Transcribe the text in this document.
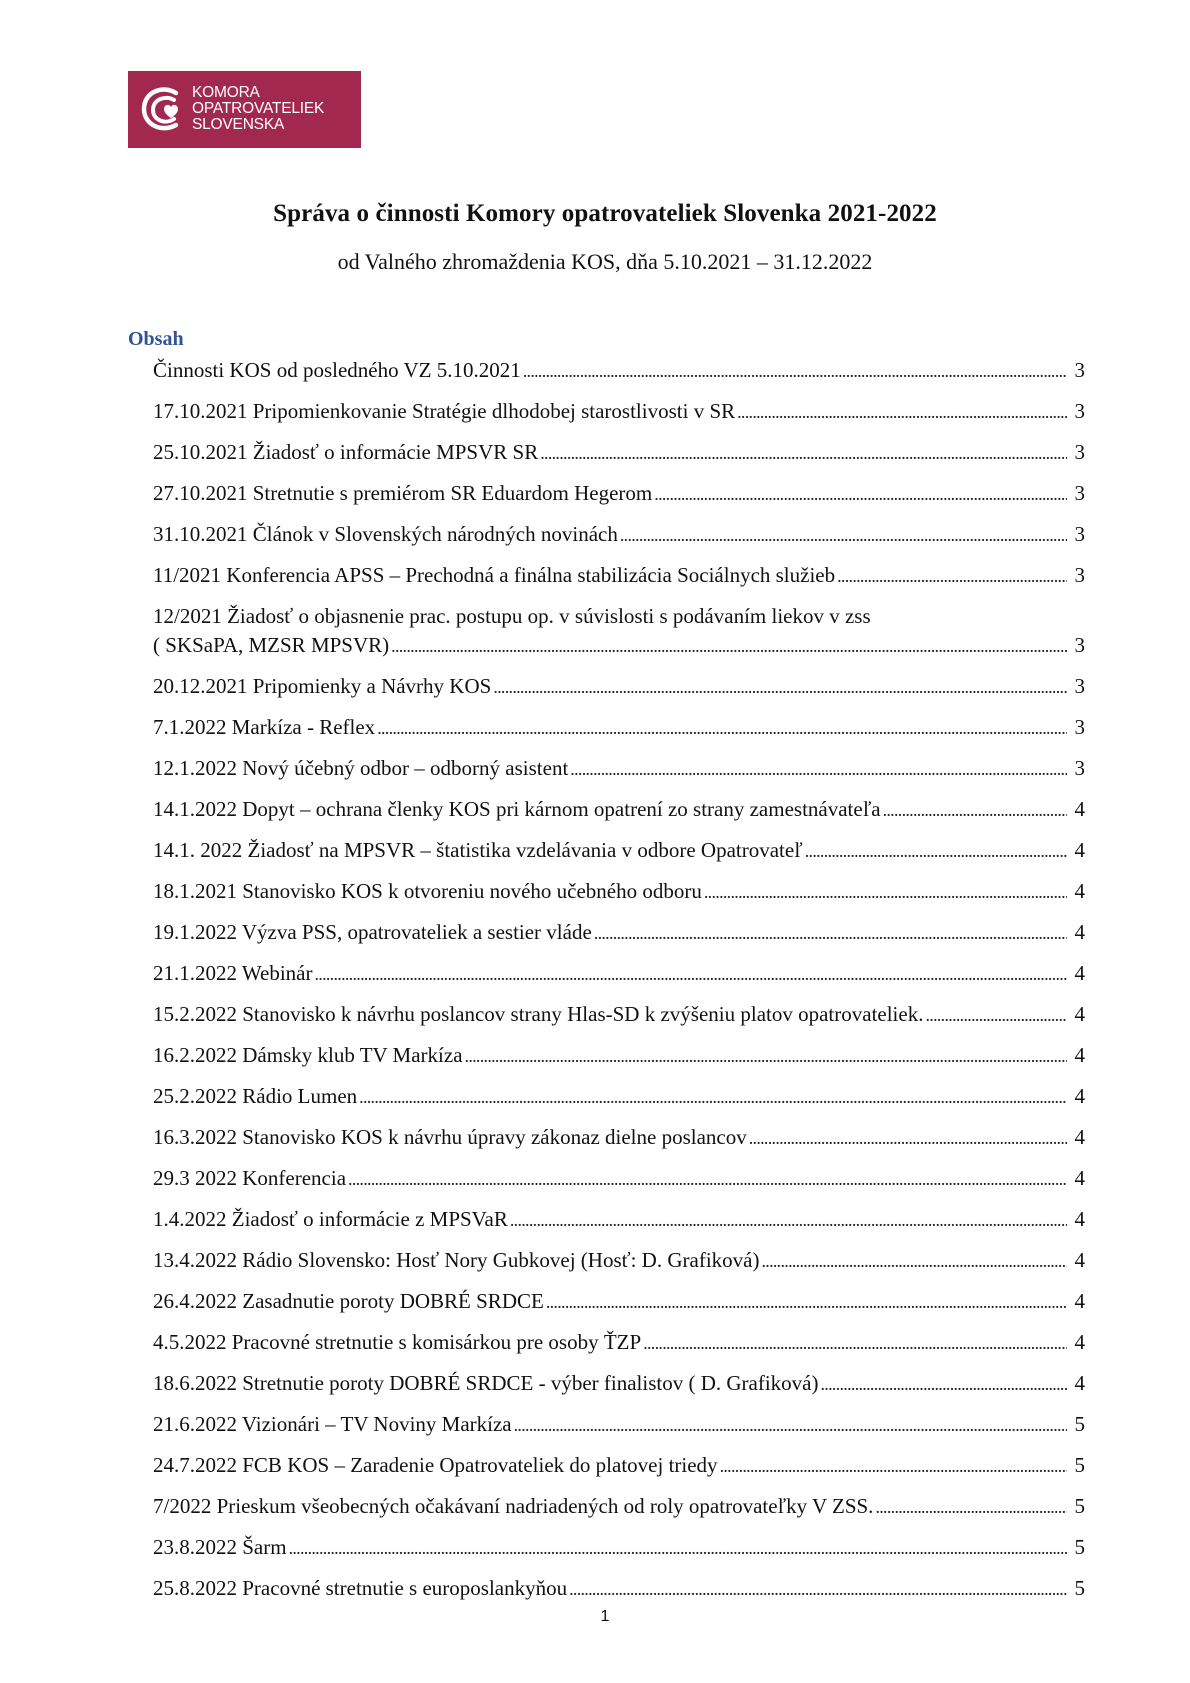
KOMORA
OPATROVATELIEK
SLOVENSKA
Správa o činnosti Komory opatrovateliek Slovenka 2021-2022
od Valného zhromaždenia KOS, dňa 5.10.2021 – 31.12.2022
Obsah
Činnosti KOS od posledného VZ 5.10.2021 . . .	3
17.10.2021 Pripomienkovanie Stratégie dlhodobej starostlivosti v SR . . .	3
25.10.2021 Žiadosť o informácie MPSVR SR . . .	3
27.10.2021 Stretnutie s premiérom SR Eduardom Hegerom . . .	3
31.10.2021 Článok v Slovenských národných novinách . . .	3
11/2021 Konferencia APSS – Prechodná a finálna stabilizácia Sociálnych služieb . . .	3
12/2021 Žiadosť o objasnenie prac. postupu op. v súvislosti s podávaním liekov v zss
( SKSaPA, MZSR MPSVR) . . .	3
20.12.2021 Pripomienky a Návrhy KOS . . .	3
7.1.2022 Markíza - Reflex . . .	3
12.1.2022 Nový účebný odbor – odborný asistent . . .	3
14.1.2022 Dopyt – ochrana členky KOS pri kárnom opatrení zo strany zamestnávateľa . . .	4
14.1. 2022 Žiadosť na MPSVR – štatistika vzdelávania v odbore Opatrovateľ . . .	4
18.1.2021 Stanovisko KOS k otvoreniu nového učebného odboru . . .	4
19.1.2022 Výzva PSS, opatrovateliek a sestier vláde . . .	4
21.1.2022 Webinár . . .	4
15.2.2022 Stanovisko k návrhu poslancov strany Hlas-SD k zvýšeniu platov opatrovateliek. . . .	4
16.2.2022 Dámsky klub TV Markíza . . .	4
25.2.2022 Rádio Lumen . . .	4
16.3.2022 Stanovisko KOS k návrhu úpravy zákonaz dielne poslancov . . .	4
29.3 2022 Konferencia . . .	4
1.4.2022 Žiadosť o informácie z MPSVaR . . .	4
13.4.2022 Rádio Slovensko: Hosť Nory Gubkovej (Hosť: D. Grafiková) . . .	4
26.4.2022 Zasadnutie poroty DOBRÉ SRDCE . . .	4
4.5.2022 Pracovné stretnutie s komisárkou pre osoby ŤZP . . .	4
18.6.2022 Stretnutie poroty DOBRÉ SRDCE - výber finalistov ( D. Grafiková) . . .	4
21.6.2022 Vizionári – TV Noviny Markíza . . .	5
24.7.2022 FCB KOS – Zaradenie Opatrovateliek do platovej triedy . . .	5
7/2022 Prieskum všeobecných očakávaní nadriadených od roly opatrovateľky V ZSS. . . .	5
23.8.2022 Šarm . . .	5
25.8.2022 Pracovné stretnutie s europoslankyňou . . .	5
1
